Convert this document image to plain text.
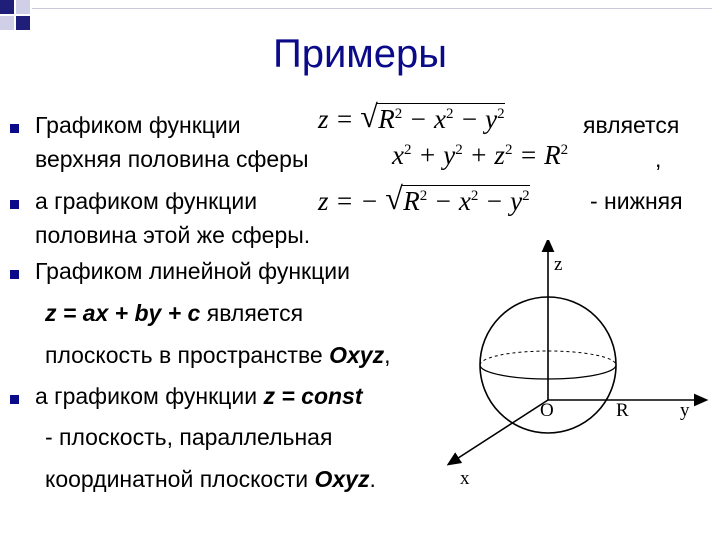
Примеры
Графиком функции	z = √ $R^2 - x^2 - y^2$	является
верхняя половина сферы	$x^2 + y^2 + z^2 = R^2$	,
а графиком функции z = − √ $R^2 - x^2 - y^2$	- нижняя
половина этой же сферы.
Графиком линейной функции
z = ax + by + c является
плоскость в пространстве Oxyz,
а графиком функции z = const
- плоскость, параллельная
координатной плоскости Oxyz.
z
O	R	y
x
